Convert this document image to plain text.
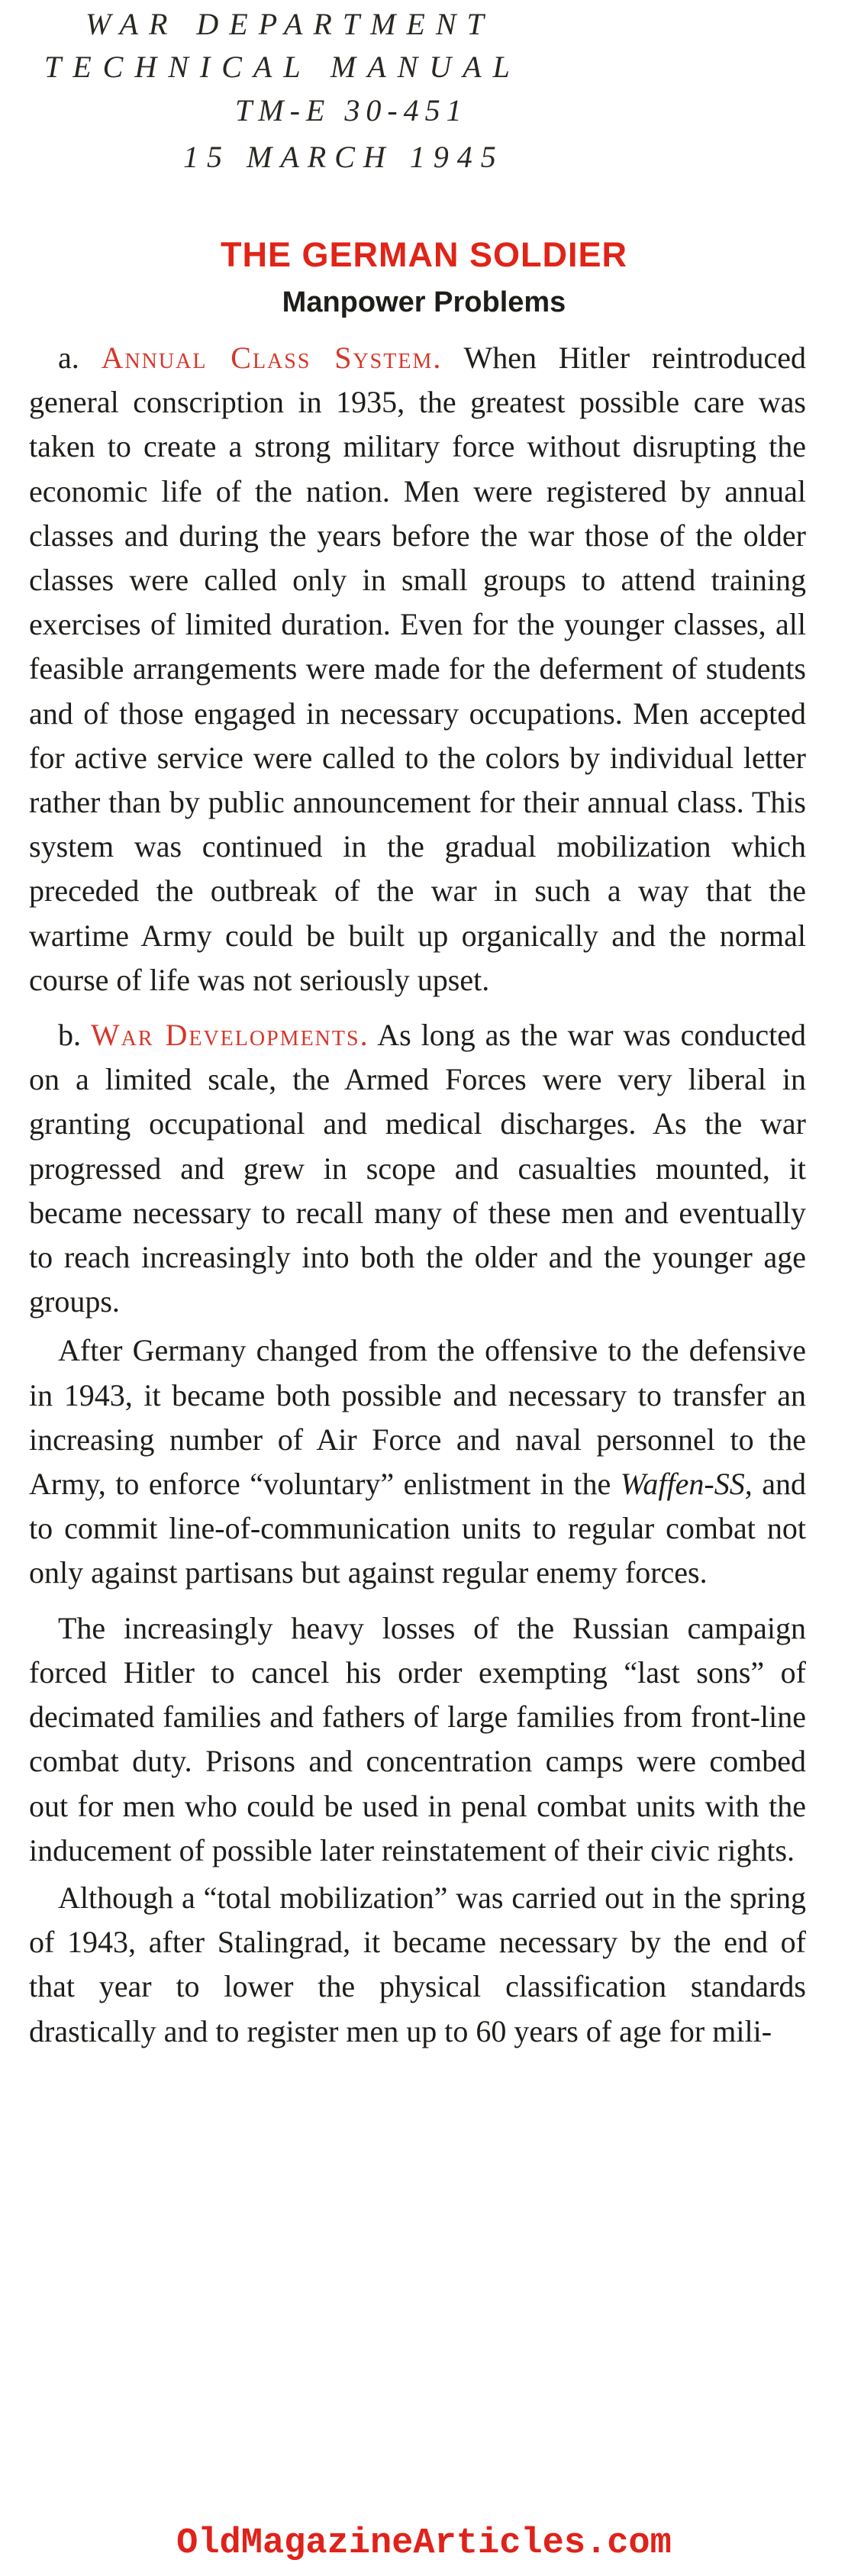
WAR DEPARTMENT
TECHNICAL MANUAL
TM-E 30-451
15 MARCH 1945
THE GERMAN SOLDIER
Manpower Problems

a. Annual Class System. When Hitler reintroduced general conscription in 1935, the greatest possible care was taken to create a strong military force without disrupting the economic life of the nation. Men were registered by annual classes and during the years before the war those of the older classes were called only in small groups to attend training exercises of limited duration. Even for the younger classes, all feasible arrangements were made for the deferment of students and of those engaged in necessary occupations. Men accepted for active service were called to the colors by individual letter rather than by public announcement for their annual class. This system was continued in the gradual mobilization which preceded the outbreak of the war in such a way that the wartime Army could be built up organically and the normal course of life was not seriously upset.

b. War Developments. As long as the war was conducted on a limited scale, the Armed Forces were very liberal in granting occupational and medical discharges. As the war progressed and grew in scope and casualties mounted, it became necessary to recall many of these men and eventually to reach increasingly into both the older and the younger age groups.

After Germany changed from the offensive to the defensive in 1943, it became both possible and necessary to transfer an increasing number of Air Force and naval personnel to the Army, to enforce “voluntary” enlistment in the Waffen-SS, and to commit line-of-communication units to regular combat not only against partisans but against regular enemy forces.

The increasingly heavy losses of the Russian campaign forced Hitler to cancel his order exempting “last sons” of decimated families and fathers of large families from front-line combat duty. Prisons and concentration camps were combed out for men who could be used in penal combat units with the inducement of possible later reinstatement of their civic rights.

Although a “total mobilization” was carried out in the spring of 1943, after Stalingrad, it became necessary by the end of that year to lower the physical classification standards drastically and to register men up to 60 years of age for mili-

OldMagazineArticles.com
